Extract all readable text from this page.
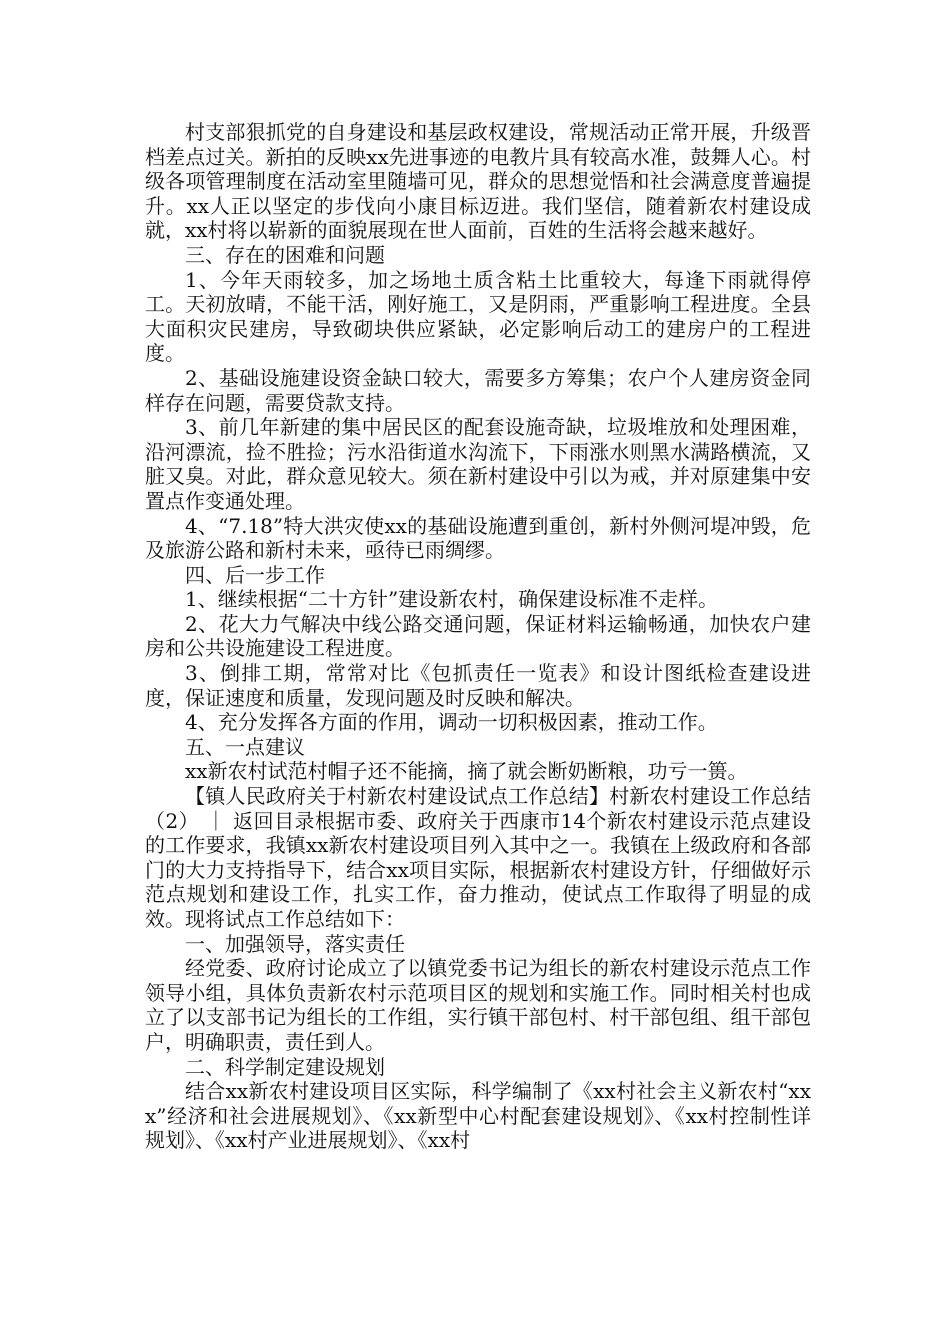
村支部狠抓党的自身建设和基层政权建设，常规活动正常开展，升级晋档差点过关。新拍的反映xx先进事迹的电教片具有较高水准，鼓舞人心。村级各项管理制度在活动室里随墙可见，群众的思想觉悟和社会满意度普遍提升。xx人正以坚定的步伐向小康目标迈进。我们坚信，随着新农村建设成就，xx村将以崭新的面貌展现在世人面前，百姓的生活将会越来越好。

三、存在的困难和问题

1、今年天雨较多，加之场地土质含粘土比重较大，每逢下雨就得停工。天初放晴，不能干活，刚好施工，又是阴雨，严重影响工程进度。全县大面积灾民建房，导致砌块供应紧缺，必定影响后动工的建房户的工程进度。

2、基础设施建设资金缺口较大，需要多方筹集；农户个人建房资金同样存在问题，需要贷款支持。

3、前几年新建的集中居民区的配套设施奇缺，垃圾堆放和处理困难，沿河漂流，捡不胜捡；污水沿街道水沟流下，下雨涨水则黑水满路横流，又脏又臭。对此，群众意见较大。须在新村建设中引以为戒，并对原建集中安置点作变通处理。

4、“7.18”特大洪灾使xx的基础设施遭到重创，新村外侧河堤冲毁，危及旅游公路和新村未来，亟待已雨绸缪。

四、后一步工作

1、继续根据“二十方针”建设新农村，确保建设标准不走样。

2、花大力气解决中线公路交通问题，保证材料运输畅通，加快农户建房和公共设施建设工程进度。

3、倒排工期，常常对比《包抓责任一览表》和设计图纸检查建设进度，保证速度和质量，发现问题及时反映和解决。

4、充分发挥各方面的作用，调动一切积极因素，推动工作。

五、一点建议

xx新农村试范村帽子还不能摘，摘了就会断奶断粮，功亏一篑。

【镇人民政府关于村新农村建设试点工作总结】村新农村建设工作总结（2） ｜ 返回目录根据市委、政府关于西康市14个新农村建设示范点建设的工作要求，我镇xx新农村建设项目列入其中之一。我镇在上级政府和各部门的大力支持指导下，结合xx项目实际，根据新农村建设方针，仔细做好示范点规划和建设工作，扎实工作，奋力推动，使试点工作取得了明显的成效。现将试点工作总结如下：

一、加强领导，落实责任

经党委、政府讨论成立了以镇党委书记为组长的新农村建设示范点工作领导小组，具体负责新农村示范项目区的规划和实施工作。同时相关村也成立了以支部书记为组长的工作组，实行镇干部包村、村干部包组、组干部包户，明确职责，责任到人。

二、科学制定建设规划

结合xx新农村建设项目区实际，科学编制了《xx村社会主义新农村“xxx”经济和社会进展规划》、《xx新型中心村配套建设规划》、《xx村控制性详规划》、《xx村产业进展规划》、《xx村
